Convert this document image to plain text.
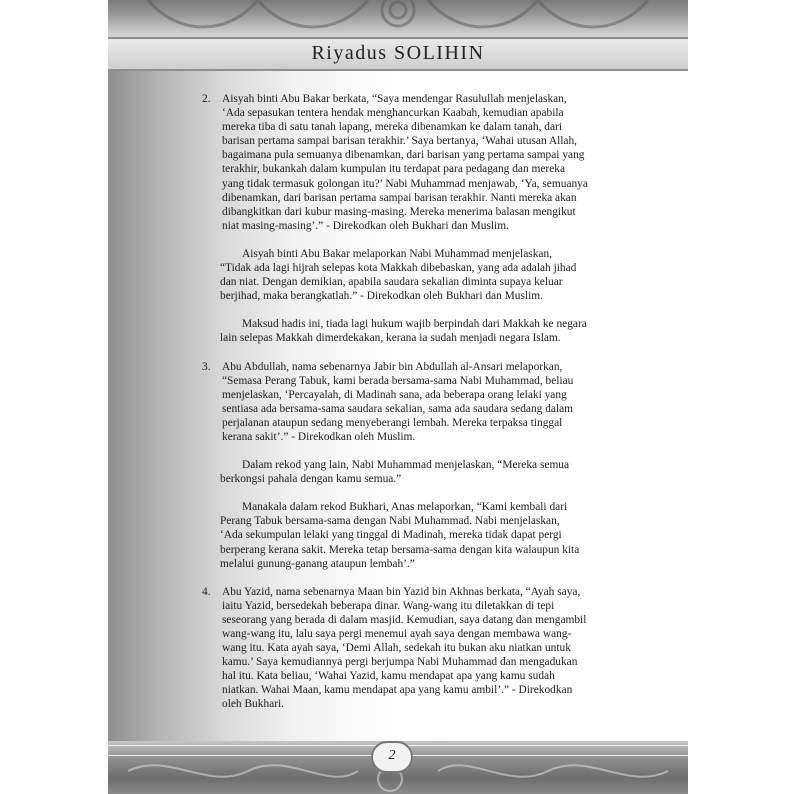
Riyadus SOLIHIN
2. Aisyah binti Abu Bakar berkata, “Saya mendengar Rasulullah menjelaskan,
‘Ada sepasukan tentera hendak menghancurkan Kaabah, kemudian apabila
mereka tiba di satu tanah lapang, mereka dibenamkan ke dalam tanah, dari
barisan pertama sampai barisan terakhir.’ Saya bertanya, ‘Wahai utusan Allah,
bagaimana pula semuanya dibenamkan, dari barisan yang pertama sampai yang
terakhir, bukankah dalam kumpulan itu terdapat para pedagang dan mereka
yang tidak termasuk golongan itu?’ Nabi Muhammad menjawab, ‘Ya, semuanya
dibenamkan, dari barisan pertama sampai barisan terakhir. Nanti mereka akan
dibangkitkan dari kubur masing-masing. Mereka menerima balasan mengikut
niat masing-masing’.” - Direkodkan oleh Bukhari dan Muslim.
Aisyah binti Abu Bakar melaporkan Nabi Muhammad menjelaskan,
“Tidak ada lagi hijrah selepas kota Makkah dibebaskan, yang ada adalah jihad
dan niat. Dengan demikian, apabila saudara sekalian diminta supaya keluar
berjihad, maka berangkatlah.” - Direkodkan oleh Bukhari dan Muslim.
Maksud hadis ini, tiada lagi hukum wajib berpindah dari Makkah ke negara
lain selepas Makkah dimerdekakan, kerana ia sudah menjadi negara Islam.
3. Abu Abdullah, nama sebenarnya Jabir bin Abdullah al-Ansari melaporkan,
“Semasa Perang Tabuk, kami berada bersama-sama Nabi Muhammad, beliau
menjelaskan, ‘Percayalah, di Madinah sana, ada beberapa orang lelaki yang
sentiasa ada bersama-sama saudara sekalian, sama ada saudara sedang dalam
perjalanan ataupun sedang menyeberangi lembah. Mereka terpaksa tinggal
kerana sakit’.” - Direkodkan oleh Muslim.
Dalam rekod yang lain, Nabi Muhammad menjelaskan, “Mereka semua
berkongsi pahala dengan kamu semua.”
Manakala dalam rekod Bukhari, Anas melaporkan, “Kami kembali dari
Perang Tabuk bersama-sama dengan Nabi Muhammad. Nabi menjelaskan,
‘Ada sekumpulan lelaki yang tinggal di Madinah, mereka tidak dapat pergi
berperang kerana sakit. Mereka tetap bersama-sama dengan kita walaupun kita
melalui gunung-ganang ataupun lembah’.”
4. Abu Yazid, nama sebenarnya Maan bin Yazid bin Akhnas berkata, “Ayah saya,
iaitu Yazid, bersedekah beberapa dinar. Wang-wang itu diletakkan di tepi
seseorang yang berada di dalam masjid. Kemudian, saya datang dan mengambil
wang-wang itu, lalu saya pergi menemui ayah saya dengan membawa wang-
wang itu. Kata ayah saya, ‘Demi Allah, sedekah itu bukan aku niatkan untuk
kamu.’ Saya kemudiannya pergi berjumpa Nabi Muhammad dan mengadukan
hal itu. Kata beliau, ‘Wahai Yazid, kamu mendapat apa yang kamu sudah
niatkan. Wahai Maan, kamu mendapat apa yang kamu ambil’.” - Direkodkan
oleh Bukhari.
2
